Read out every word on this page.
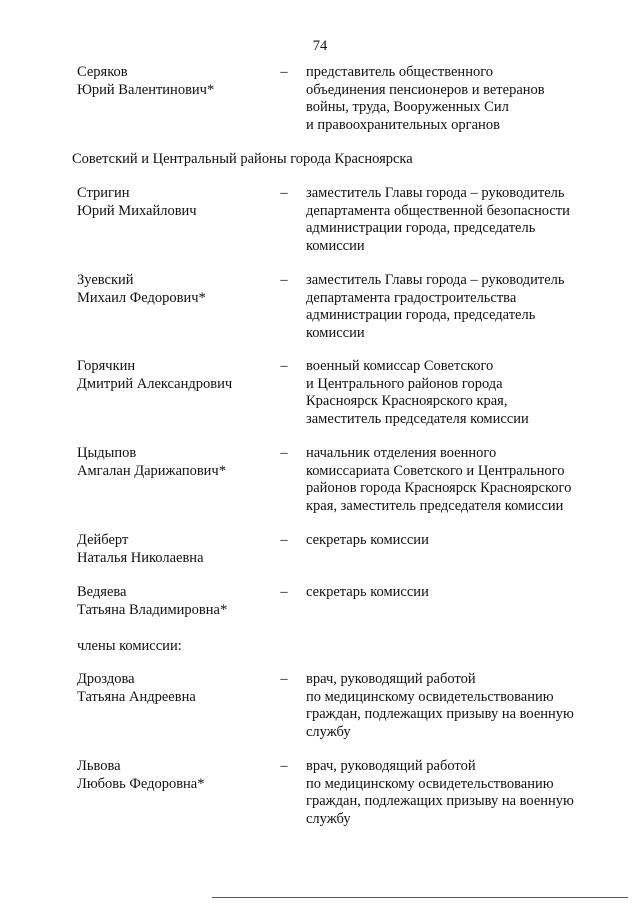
74
Серяков
Юрий Валентинович*
– представитель общественного
объединения пенсионеров и ветеранов
войны, труда, Вооруженных Сил
и правоохранительных органов
Советский и Центральный районы города Красноярска
Стригин
Юрий Михайлович
– заместитель Главы города – руководитель
департамента общественной безопасности
администрации города, председатель
комиссии
Зуевский
Михаил Федорович*
– заместитель Главы города – руководитель
департамента градостроительства
администрации города, председатель
комиссии
Горячкин
Дмитрий Александрович
– военный комиссар Советского
и Центрального районов города
Красноярск Красноярского края,
заместитель председателя комиссии
Цыдыпов
Амгалан Дарижапович*
– начальник отделения военного
комиссариата Советского и Центрального
районов города Красноярск Красноярского
края, заместитель председателя комиссии
Дейберт
Наталья Николаевна
– секретарь комиссии
Ведяева
Татьяна Владимировна*
– секретарь комиссии
члены комиссии:
Дроздова
Татьяна Андреевна
– врач, руководящий работой
по медицинскому освидетельствованию
граждан, подлежащих призыву на военную
службу
Львова
Любовь Федоровна*
– врач, руководящий работой
по медицинскому освидетельствованию
граждан, подлежащих призыву на военную
службу
